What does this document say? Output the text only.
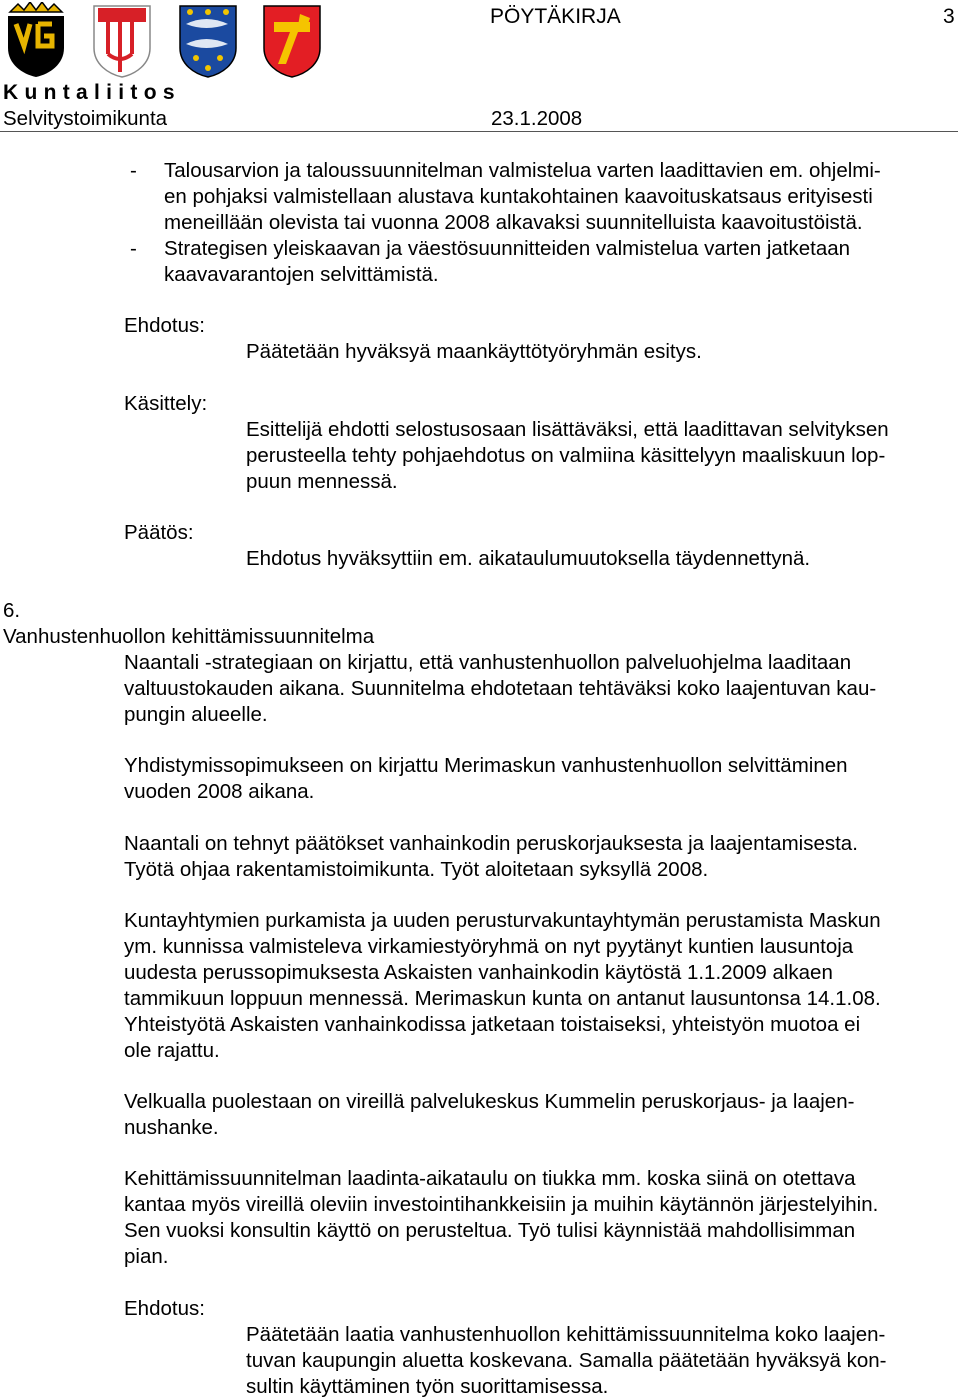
PÖYTÄKIRJA	3
Kuntaliitos
Selvitystoimikunta	23.1.2008
- Talousarvion ja taloussuunnitelman valmistelua varten laadittavien em. ohjelmi-
en pohjaksi valmistellaan alustava kuntakohtainen kaavoituskatsaus erityisesti
meneillään olevista tai vuonna 2008 alkavaksi suunnitelluista kaavoitustöistä.
- Strategisen yleiskaavan ja väestösuunnitteiden valmistelua varten jatketaan
kaavavarantojen selvittämistä.
Ehdotus:
Päätetään hyväksyä maankäyttötyöryhmän esitys.
Käsittely:
Esittelijä ehdotti selostusosaan lisättäväksi, että laadittavan selvityksen
perusteella tehty pohjaehdotus on valmiina käsittelyyn maaliskuun lop-
puun mennessä.
Päätös:
Ehdotus hyväksyttiin em. aikataulumuutoksella täydennettynä.
6.
Vanhustenhuollon kehittämissuunnitelma
Naantali -strategiaan on kirjattu, että vanhustenhuollon palveluohjelma laaditaan
valtuustokauden aikana. Suunnitelma ehdotetaan tehtäväksi koko laajentuvan kau-
pungin alueelle.
Yhdistymissopimukseen on kirjattu Merimaskun vanhustenhuollon selvittäminen
vuoden 2008 aikana.
Naantali on tehnyt päätökset vanhainkodin peruskorjauksesta ja laajentamisesta.
Työtä ohjaa rakentamistoimikunta. Työt aloitetaan syksyllä 2008.
Kuntayhtymien purkamista ja uuden perusturvakuntayhtymän perustamista Maskun
ym. kunnissa valmisteleva virkamiestyöryhmä on nyt pyytänyt kuntien lausuntoja
uudesta perussopimuksesta Askaisten vanhainkodin käytöstä 1.1.2009 alkaen
tammikuun loppuun mennessä. Merimaskun kunta on antanut lausuntonsa 14.1.08.
Yhteistyötä Askaisten vanhainkodissa jatketaan toistaiseksi, yhteistyön muotoa ei
ole rajattu.
Velkualla puolestaan on vireillä palvelukeskus Kummelin peruskorjaus- ja laajen-
nushanke.
Kehittämissuunnitelman laadinta-aikataulu on tiukka mm. koska siinä on otettava
kantaa myös vireillä oleviin investointihankkeisiin ja muihin käytännön järjestelyihin.
Sen vuoksi konsultin käyttö on perusteltua. Työ tulisi käynnistää mahdollisimman
pian.
Ehdotus:
Päätetään laatia vanhustenhuollon kehittämissuunnitelma koko laajen-
tuvan kaupungin aluetta koskevana. Samalla päätetään hyväksyä kon-
sultin käyttäminen työn suorittamisessa.
